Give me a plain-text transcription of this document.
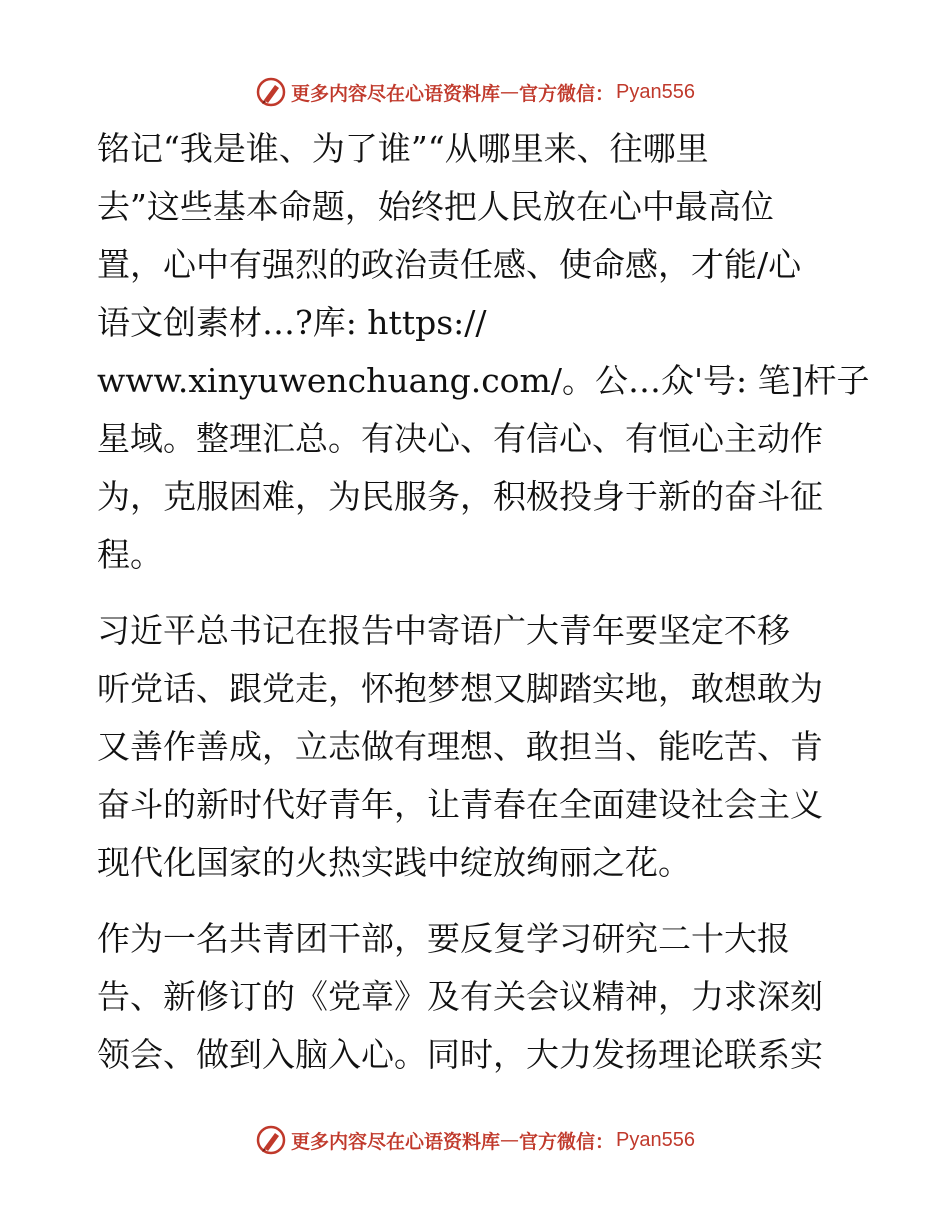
更多内容尽在心语资料库 — 官方微信： Pyan556

铭记“我是谁、为了谁”“从哪里来、往哪里
去”这些基本命题，始终把人民放在心中最高位
置，心中有强烈的政治责任感、使命感，才能/心
语文创素材…?库: https://
www.xinyuwenchuang.com/。公…众'号: 笔]杆子
星域。整理汇总。有决心、有信心、有恒心主动作
为，克服困难，为民服务，积极投身于新的奋斗征
程。

习近平总书记在报告中寄语广大青年要坚定不移
听党话、跟党走，怀抱梦想又脚踏实地，敢想敢为
又善作善成，立志做有理想、敢担当、能吃苦、肯
奋斗的新时代好青年，让青春在全面建设社会主义
现代化国家的火热实践中绽放绚丽之花。

作为一名共青团干部，要反复学习研究二十大报
告、新修订的《党章》及有关会议精神，力求深刻
领会、做到入脑入心。同时，大力发扬理论联系实

更多内容尽在心语资料库 — 官方微信： Pyan556
